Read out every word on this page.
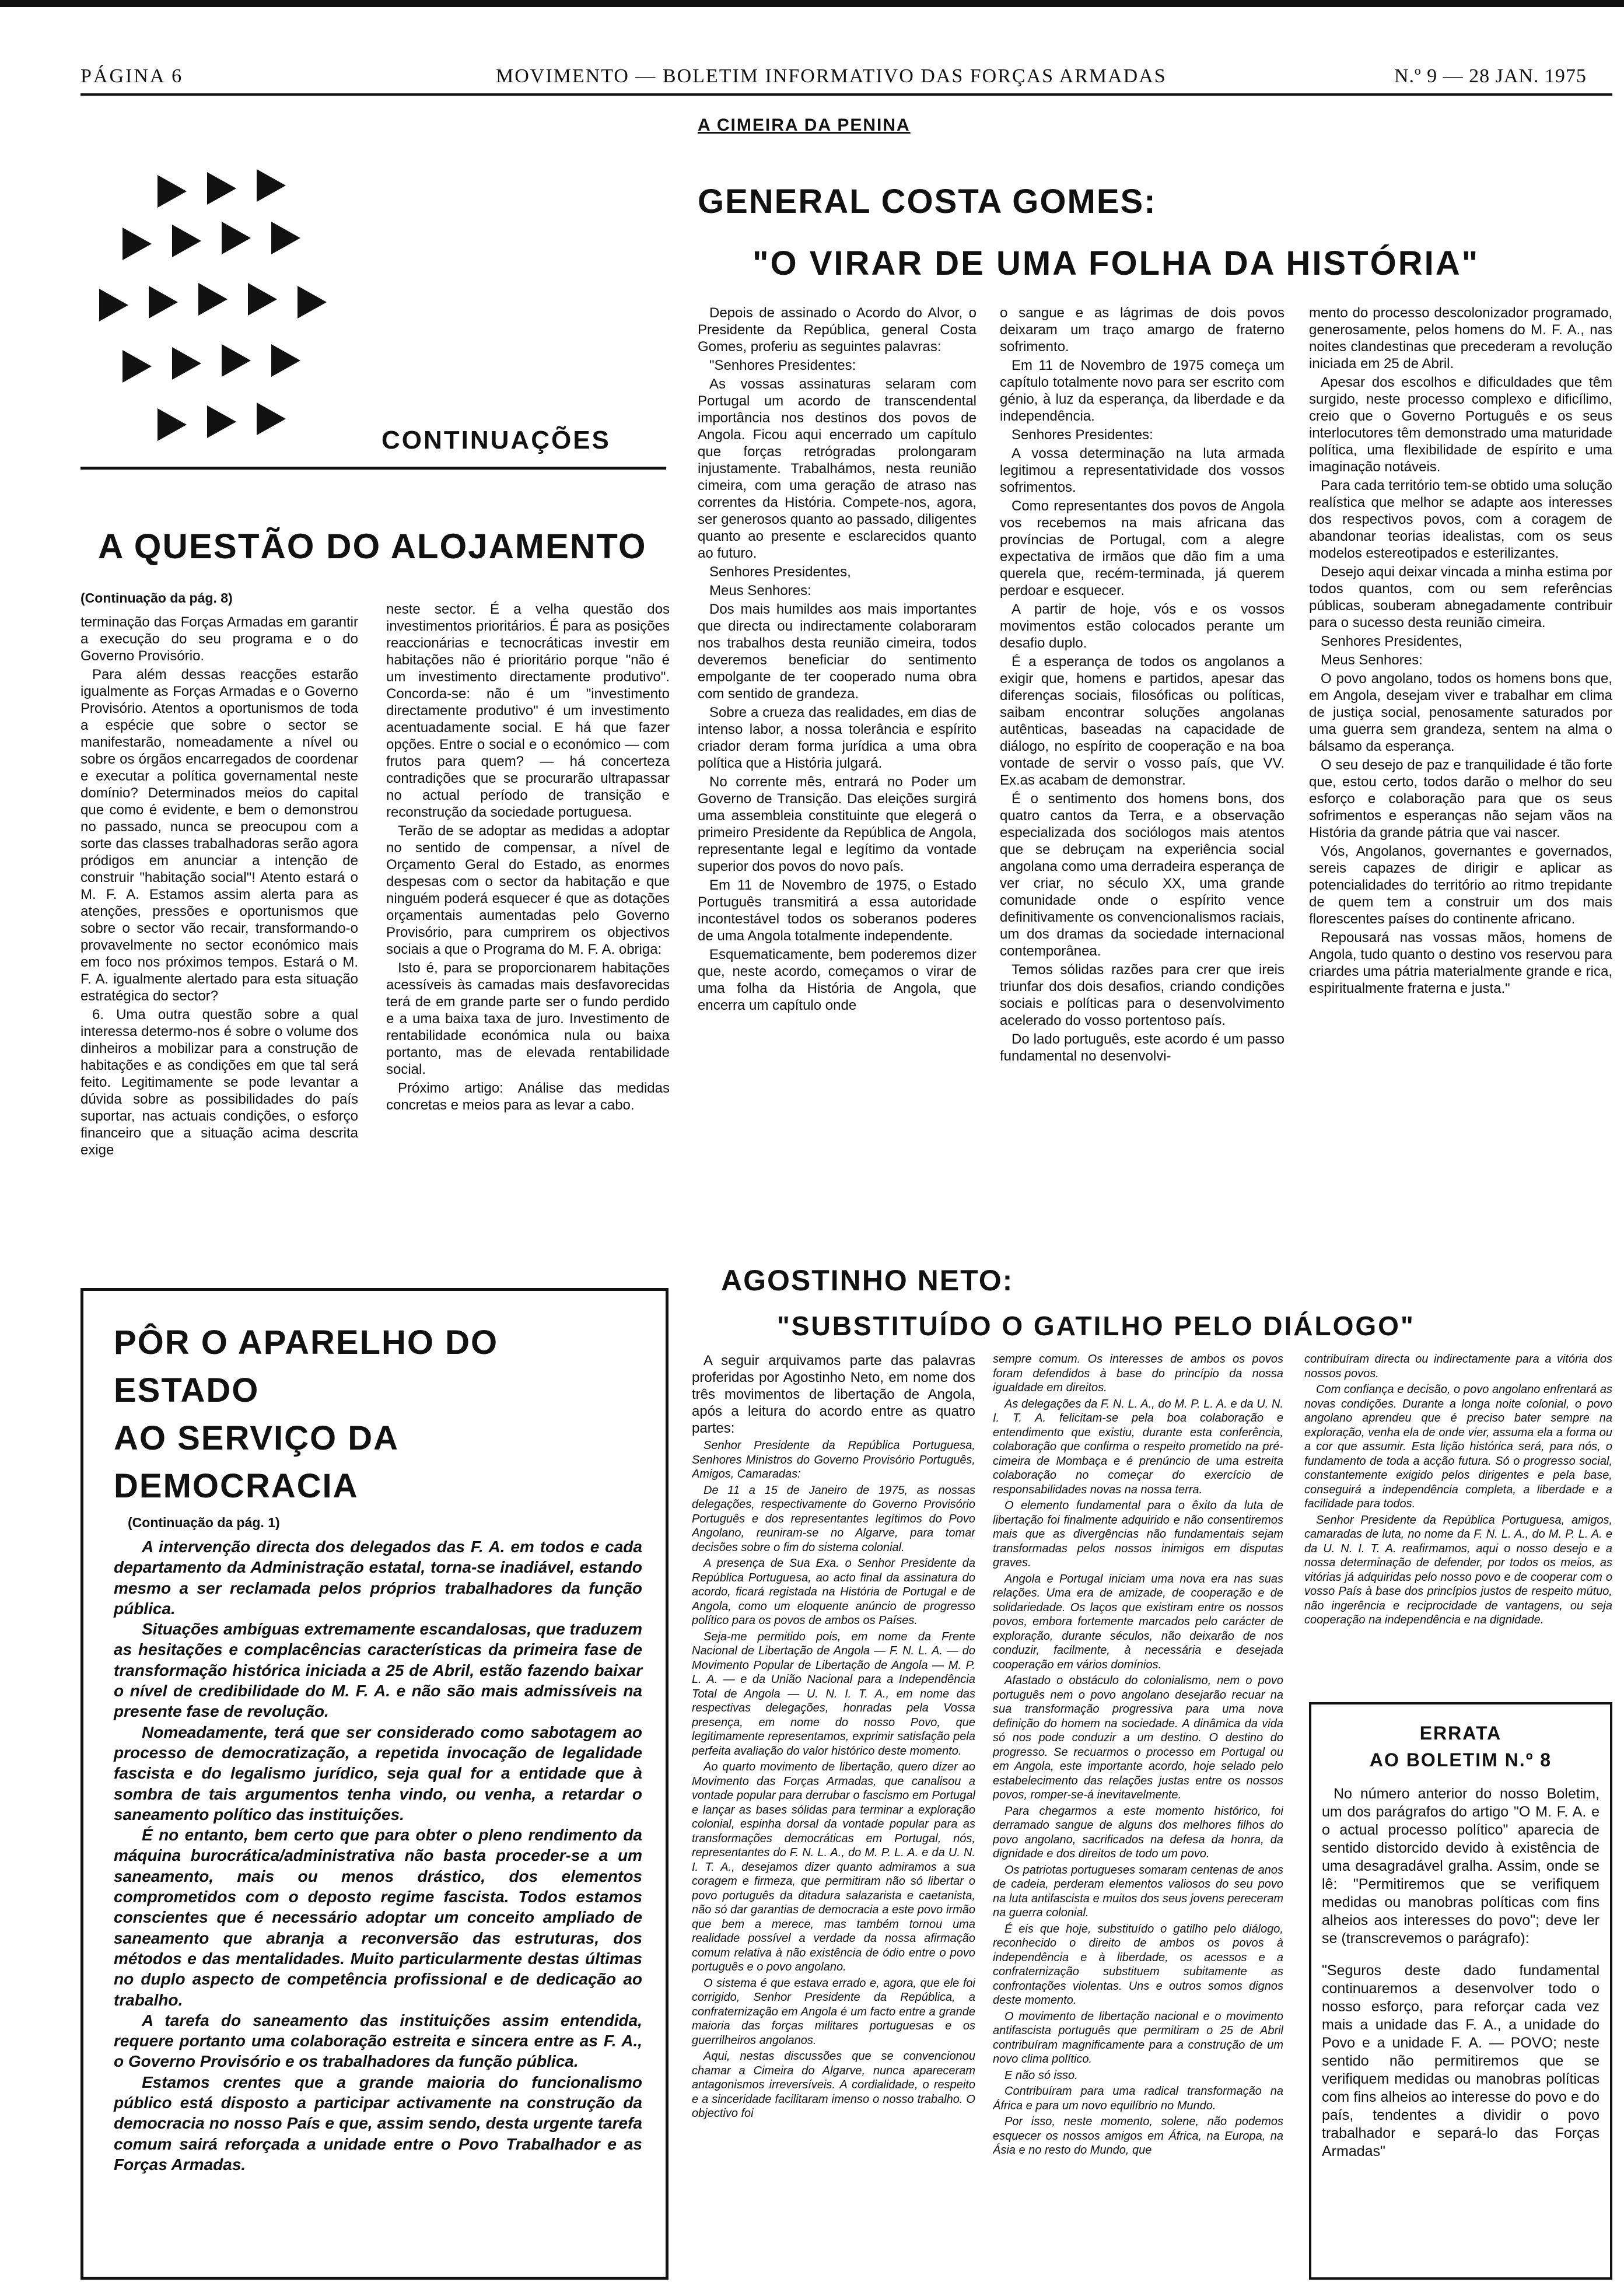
PÁGINA 6	MOVIMENTO — BOLETIM INFORMATIVO DAS FORÇAS ARMADAS	N.º 9 — 28 JAN. 1975
CONTINUAÇÕES
A QUESTÃO DO ALOJAMENTO
(Continuação da pág. 8)

terminação das Forças Armadas em garantir a execução do seu programa e o do Governo Provisório.

Para além dessas reacções estarão igualmente as Forças Armadas e o Governo Provisório. Atentos a oportunismos de toda a espécie que sobre o sector se manifestarão, nomeadamente a nível ou sobre os órgãos encarregados de coordenar e executar a política governamental neste domínio? Determinados meios do capital que como é evidente, e bem o demonstrou no passado, nunca se preocupou com a sorte das classes trabalhadoras serão agora pródigos em anunciar a intenção de construir "habitação social"! Atento estará o M. F. A. Estamos assim alerta para as atenções, pressões e oportunismos que sobre o sector vão recair, transformando-o provavelmente no sector económico mais em foco nos próximos tempos. Estará o M. F. A. igualmente alertado para esta situação estratégica do sector?

6. Uma outra questão sobre a qual interessa determo-nos é sobre o volume dos dinheiros a mobilizar para a construção de habitações e as condições em que tal será feito. Legitimamente se pode levantar a dúvida sobre as possibilidades do país suportar, nas actuais condições, o esforço financeiro que a situação acima descrita exige

neste sector. É a velha questão dos investimentos prioritários. É para as posições reaccionárias e tecnocráticas investir em habitações não é prioritário porque "não é um investimento directamente produtivo". Concorda-se: não é um "investimento directamente produtivo" é um investimento acentuadamente social. E há que fazer opções. Entre o social e o económico — com frutos para quem? — há concerteza contradições que se procurarão ultrapassar no actual período de transição e reconstrução da sociedade portuguesa.

Terão de se adoptar as medidas a adoptar no sentido de compensar, a nível de Orçamento Geral do Estado, as enormes despesas com o sector da habitação e que ninguém poderá esquecer é que as dotações orçamentais aumentadas pelo Governo Provisório, para cumprirem os objectivos sociais a que o Programa do M. F. A. obriga:

Isto é, para se proporcionarem habitações acessíveis às camadas mais desfavorecidas terá de em grande parte ser o fundo perdido e a uma baixa taxa de juro. Investimento de rentabilidade económica nula ou baixa portanto, mas de elevada rentabilidade social.

Próximo artigo: Análise das medidas concretas e meios para as levar a cabo.

A CIMEIRA DA PENINA
GENERAL COSTA GOMES:
"O VIRAR DE UMA FOLHA DA HISTÓRIA"

Depois de assinado o Acordo do Alvor, o Presidente da República, general Costa Gomes, proferiu as seguintes palavras:

"Senhores Presidentes:

As vossas assinaturas selaram com Portugal um acordo de transcendental importância nos destinos dos povos de Angola. Ficou aqui encerrado um capítulo que forças retrógradas prolongaram injustamente. Trabalhámos, nesta reunião cimeira, com uma geração de atraso nas correntes da História. Compete-nos, agora, ser generosos quanto ao passado, diligentes quanto ao presente e esclarecidos quanto ao futuro.

Senhores Presidentes,

Meus Senhores:

Dos mais humildes aos mais importantes que directa ou indirectamente colaboraram nos trabalhos desta reunião cimeira, todos deveremos beneficiar do sentimento empolgante de ter cooperado numa obra com sentido de grandeza.

Sobre a crueza das realidades, em dias de intenso labor, a nossa tolerância e espírito criador deram forma jurídica a uma obra política que a História julgará.

No corrente mês, entrará no Poder um Governo de Transição. Das eleições surgirá uma assembleia constituinte que elegerá o primeiro Presidente da República de Angola, representante legal e legítimo da vontade superior dos povos do novo país.

Em 11 de Novembro de 1975, o Estado Português transmitirá a essa autoridade incontestável todos os soberanos poderes de uma Angola totalmente independente.

Esquematicamente, bem poderemos dizer que, neste acordo, começamos o virar de uma folha da História de Angola, que encerra um capítulo onde

o sangue e as lágrimas de dois povos deixaram um traço amargo de fraterno sofrimento.

Em 11 de Novembro de 1975 começa um capítulo totalmente novo para ser escrito com génio, à luz da esperança, da liberdade e da independência.

Senhores Presidentes:

A vossa determinação na luta armada legitimou a representatividade dos vossos sofrimentos.

Como representantes dos povos de Angola vos recebemos na mais africana das províncias de Portugal, com a alegre expectativa de irmãos que dão fim a uma querela que, recém-terminada, já querem perdoar e esquecer.

A partir de hoje, vós e os vossos movimentos estão colocados perante um desafio duplo.

É a esperança de todos os angolanos a exigir que, homens e partidos, apesar das diferenças sociais, filosóficas ou políticas, saibam encontrar soluções angolanas autênticas, baseadas na capacidade de diálogo, no espírito de cooperação e na boa vontade de servir o vosso país, que VV. Ex.as acabam de demonstrar.

É o sentimento dos homens bons, dos quatro cantos da Terra, e a observação especializada dos sociólogos mais atentos que se debruçam na experiência social angolana como uma derradeira esperança de ver criar, no século XX, uma grande comunidade onde o espírito vence definitivamente os convencionalismos raciais, um dos dramas da sociedade internacional contemporânea.

Temos sólidas razões para crer que ireis triunfar dos dois desafios, criando condições sociais e políticas para o desenvolvimento acelerado do vosso portentoso país.

Do lado português, este acordo é um passo fundamental no desenvolvi-

mento do processo descolonizador programado, generosamente, pelos homens do M. F. A., nas noites clandestinas que precederam a revolução iniciada em 25 de Abril.

Apesar dos escolhos e dificuldades que têm surgido, neste processo complexo e dificílimo, creio que o Governo Português e os seus interlocutores têm demonstrado uma maturidade política, uma flexibilidade de espírito e uma imaginação notáveis.

Para cada território tem-se obtido uma solução realística que melhor se adapte aos interesses dos respectivos povos, com a coragem de abandonar teorias idealistas, com os seus modelos estereotipados e esterilizantes.

Desejo aqui deixar vincada a minha estima por todos quantos, com ou sem referências públicas, souberam abnegadamente contribuir para o sucesso desta reunião cimeira.

Senhores Presidentes,

Meus Senhores:

O povo angolano, todos os homens bons que, em Angola, desejam viver e trabalhar em clima de justiça social, penosamente saturados por uma guerra sem grandeza, sentem na alma o bálsamo da esperança.

O seu desejo de paz e tranquilidade é tão forte que, estou certo, todos darão o melhor do seu esforço e colaboração para que os seus sofrimentos e esperanças não sejam vãos na História da grande pátria que vai nascer.

Vós, Angolanos, governantes e governados, sereis capazes de dirigir e aplicar as potencialidades do território ao ritmo trepidante de quem tem a construir um dos mais florescentes países do continente africano.

Repousará nas vossas mãos, homens de Angola, tudo quanto o destino vos reservou para criardes uma pátria materialmente grande e rica, espiritualmente fraterna e justa."

PÔR O APARELHO DO ESTADO
AO SERVIÇO DA DEMOCRACIA
(Continuação da pág. 1)

A intervenção directa dos delegados das F. A. em todos e cada departamento da Administração estatal, torna-se inadiável, estando mesmo a ser reclamada pelos próprios trabalhadores da função pública.

Situações ambíguas extremamente escandalosas, que traduzem as hesitações e complacências características da primeira fase de transformação histórica iniciada a 25 de Abril, estão fazendo baixar o nível de credibilidade do M. F. A. e não são mais admissíveis na presente fase de revolução.

Nomeadamente, terá que ser considerado como sabotagem ao processo de democratização, a repetida invocação de legalidade fascista e do legalismo jurídico, seja qual for a entidade que à sombra de tais argumentos tenha vindo, ou venha, a retardar o saneamento político das instituições.

É no entanto, bem certo que para obter o pleno rendimento da máquina burocrática/administrativa não basta proceder-se a um saneamento, mais ou menos drástico, dos elementos comprometidos com o deposto regime fascista. Todos estamos conscientes que é necessário adoptar um conceito ampliado de saneamento que abranja a reconversão das estruturas, dos métodos e das mentalidades. Muito particularmente destas últimas no duplo aspecto de competência profissional e de dedicação ao trabalho.

A tarefa do saneamento das instituições assim entendida, requere portanto uma colaboração estreita e sincera entre as F. A., o Governo Provisório e os trabalhadores da função pública.

Estamos crentes que a grande maioria do funcionalismo público está disposto a participar activamente na construção da democracia no nosso País e que, assim sendo, desta urgente tarefa comum sairá reforçada a unidade entre o Povo Trabalhador e as Forças Armadas.

AGOSTINHO NETO:
"SUBSTITUÍDO O GATILHO PELO DIÁLOGO"

A seguir arquivamos parte das palavras proferidas por Agostinho Neto, em nome dos três movimentos de libertação de Angola, após a leitura do acordo entre as quatro partes:

Senhor Presidente da República Portuguesa, Senhores Ministros do Governo Provisório Português, Amigos, Camaradas:

De 11 a 15 de Janeiro de 1975, as nossas delegações, respectivamente do Governo Provisório Português e dos representantes legítimos do Povo Angolano, reuniram-se no Algarve, para tomar decisões sobre o fim do sistema colonial.

A presença de Sua Exa. o Senhor Presidente da República Portuguesa, ao acto final da assinatura do acordo, ficará registada na História de Portugal e de Angola, como um eloquente anúncio de progresso político para os povos de ambos os Países.

Seja-me permitido pois, em nome da Frente Nacional de Libertação de Angola — F. N. L. A. — do Movimento Popular de Libertação de Angola — M. P. L. A. — e da União Nacional para a Independência Total de Angola — U. N. I. T. A., em nome das respectivas delegações, honradas pela Vossa presença, em nome do nosso Povo, que legitimamente representamos, exprimir satisfação pela perfeita avaliação do valor histórico deste momento.

Ao quarto movimento de libertação, quero dizer ao Movimento das Forças Armadas, que canalisou a vontade popular para derrubar o fascismo em Portugal e lançar as bases sólidas para terminar a exploração colonial, espinha dorsal da vontade popular para as transformações democráticas em Portugal, nós, representantes do F. N. L. A., do M. P. L. A. e da U. N. I. T. A., desejamos dizer quanto admiramos a sua coragem e firmeza, que permitiram não só libertar o povo português da ditadura salazarista e caetanista, não só dar garantias de democracia a este povo irmão que bem a merece, mas também tornou uma realidade possível a verdade da nossa afirmação comum relativa à não existência de ódio entre o povo português e o povo angolano.

O sistema é que estava errado e, agora, que ele foi corrigido, Senhor Presidente da República, a confraternização em Angola é um facto entre a grande maioria das forças militares portuguesas e os guerrilheiros angolanos.

Aqui, nestas discussões que se convencionou chamar a Cimeira do Algarve, nunca apareceram antagonismos irreversíveis. A cordialidade, o respeito e a sinceridade facilitaram imenso o nosso trabalho. O objectivo foi

sempre comum. Os interesses de ambos os povos foram defendidos à base do princípio da nossa igualdade em direitos.

As delegações da F. N. L. A., do M. P. L. A. e da U. N. I. T. A. felicitam-se pela boa colaboração e entendimento que existiu, durante esta conferência, colaboração que confirma o respeito prometido na pré-cimeira de Mombaça e é prenúncio de uma estreita colaboração no começar do exercício de responsabilidades novas na nossa terra.

O elemento fundamental para o êxito da luta de libertação foi finalmente adquirido e não consentiremos mais que as divergências não fundamentais sejam transformadas pelos nossos inimigos em disputas graves.

Angola e Portugal iniciam uma nova era nas suas relações. Uma era de amizade, de cooperação e de solidariedade. Os laços que existiram entre os nossos povos, embora fortemente marcados pelo carácter de exploração, durante séculos, não deixarão de nos conduzir, facilmente, à necessária e desejada cooperação em vários domínios.

Afastado o obstáculo do colonialismo, nem o povo português nem o povo angolano desejarão recuar na sua transformação progressiva para uma nova definição do homem na sociedade. A dinâmica da vida só nos pode conduzir a um destino. O destino do progresso. Se recuarmos o processo em Portugal ou em Angola, este importante acordo, hoje selado pelo estabelecimento das relações justas entre os nossos povos, romper-se-á inevitavelmente.

Para chegarmos a este momento histórico, foi derramado sangue de alguns dos melhores filhos do povo angolano, sacrificados na defesa da honra, da dignidade e dos direitos de todo um povo.

Os patriotas portugueses somaram centenas de anos de cadeia, perderam elementos valiosos do seu povo na luta antifascista e muitos dos seus jovens pereceram na guerra colonial.

É eis que hoje, substituído o gatilho pelo diálogo, reconhecido o direito de ambos os povos à independência e à liberdade, os acessos e a confraternização substituem subitamente as confrontações violentas. Uns e outros somos dignos deste momento.

O movimento de libertação nacional e o movimento antifascista português que permitiram o 25 de Abril contribuíram magnificamente para a construção de um novo clima político.

E não só isso.

Contribuíram para uma radical transformação na África e para um novo equilíbrio no Mundo.

Por isso, neste momento, solene, não podemos esquecer os nossos amigos em África, na Europa, na Ásia e no resto do Mundo, que

contribuíram directa ou indirectamente para a vitória dos nossos povos.

Com confiança e decisão, o povo angolano enfrentará as novas condições. Durante a longa noite colonial, o povo angolano aprendeu que é preciso bater sempre na exploração, venha ela de onde vier, assuma ela a forma ou a cor que assumir. Esta lição histórica será, para nós, o fundamento de toda a acção futura. Só o progresso social, constantemente exigido pelos dirigentes e pela base, conseguirá a independência completa, a liberdade e a facilidade para todos.

Senhor Presidente da República Portuguesa, amigos, camaradas de luta, no nome da F. N. L. A., do M. P. L. A. e da U. N. I. T. A. reafirmamos, aqui o nosso desejo e a nossa determinação de defender, por todos os meios, as vitórias já adquiridas pelo nosso povo e de cooperar com o vosso País à base dos princípios justos de respeito mútuo, não ingerência e reciprocidade de vantagens, ou seja cooperação na independência e na dignidade.

ERRATA
AO BOLETIM N.º 8
No número anterior do nosso Boletim, um dos parágrafos do artigo "O M. F. A. e o actual processo político" aparecia de sentido distorcido devido à existência de uma desagradável gralha. Assim, onde se lê: "Permitiremos que se verifiquem medidas ou manobras políticas com fins alheios aos interesses do povo"; deve ler se (transcrevemos o parágrafo):
"Seguros deste dado fundamental continuaremos a desenvolver todo o nosso esforço, para reforçar cada vez mais a unidade das F. A., a unidade do Povo e a unidade F. A. — POVO; neste sentido não permitiremos que se verifiquem medidas ou manobras políticas com fins alheios ao interesse do povo e do país, tendentes a dividir o povo trabalhador e separá-lo das Forças Armadas"
